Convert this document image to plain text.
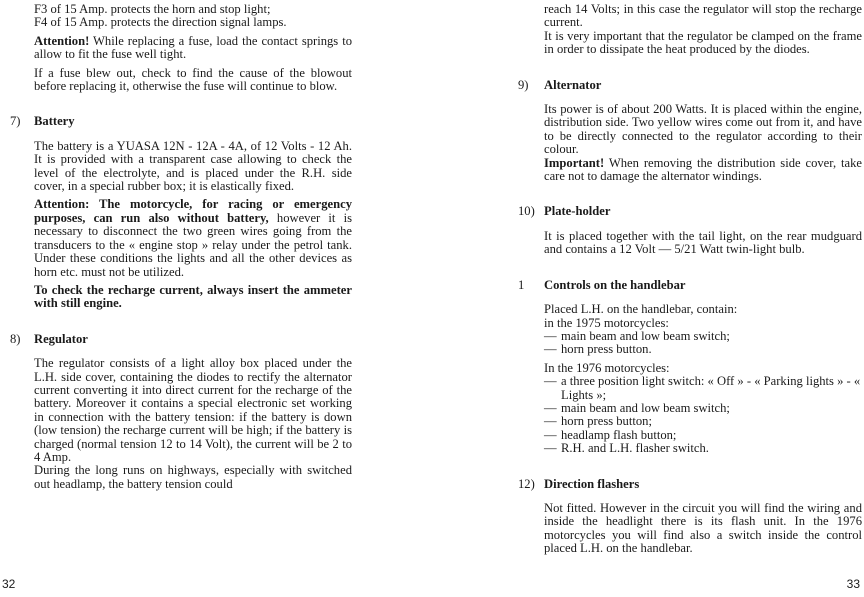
F3 of 15 Amp. protects the horn and stop light;

F4 of 15 Amp. protects the direction signal lamps.

Attention! While replacing a fuse, load the contact springs to allow to fit the fuse well tight.

If a fuse blew out, check to find the cause of the blowout before replacing it, otherwise the fuse will continue to blow.

7)	Battery

The battery is a YUASA 12N - 12A - 4A, of 12 Volts - 12 Ah. It is provided with a transparent case allowing to check the level of the electrolyte, and is placed under the R.H. side cover, in a special rubber box; it is elastically fixed.

Attention: The motorcycle, for racing or emergency purposes, can run also without battery, however it is necessary to disconnect the two green wires going from the transducers to the « engine stop » relay under the petrol tank. Under these conditions the lights and all the other devices as horn etc. must not be utilized.

To check the recharge current, always insert the ammeter with still engine.

8)	Regulator

The regulator consists of a light alloy box placed under the L.H. side cover, containing the diodes to rectify the alternator current converting it into direct current for the recharge of the battery. Moreover it contains a special electronic set working in connection with the battery tension: if the battery is down (low tension) the recharge current will be high; if the battery is charged (normal tension 12 to 14 Volt), the current will be 2 to 4 Amp.

During the long runs on highways, especially with switched out headlamp, the battery tension could

32

reach 14 Volts; in this case the regulator will stop the recharge current.

It is very important that the regulator be clamped on the frame in order to dissipate the heat produced by the diodes.

9)	Alternator

Its power is of about 200 Watts. It is placed within the engine, distribution side. Two yellow wires come out from it, and have to be directly connected to the regulator according to their colour.

Important! When removing the distribution side cover, take care not to damage the alternator windings.

10) Plate-holder

It is placed together with the tail light, on the rear mudguard and contains a 12 Volt — 5/21 Watt twin-light bulb.

1	Controls on the handlebar

Placed L.H. on the handlebar, contain:

in the 1975 motorcycles:

— main beam and low beam switch;
— horn press button.

In the 1976 motorcycles:

— a three position light switch: « Off » - « Parking lights » - « Lights »;
— main beam and low beam switch;
— horn press button;
— headlamp flash button;
— R.H. and L.H. flasher switch.
12) Direction flashers

Not fitted. However in the circuit you will find the wiring and inside the headlight there is its flash unit. In the 1976 motorcycles you will find also a switch inside the control placed L.H. on the handlebar.

33
